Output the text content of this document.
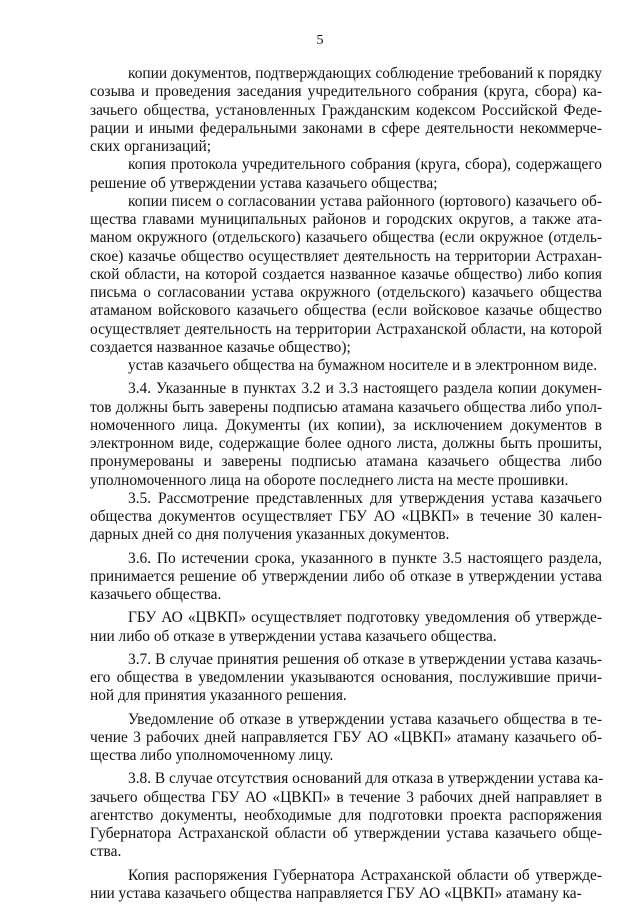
5
копии документов, подтверждающих соблюдение требований к порядку
созыва и проведения заседания учредительного собрания (круга, сбора) ка-
зачьего общества, установленных Гражданским кодексом Российской Феде-
рации и иными федеральными законами в сфере деятельности некоммерче-
ских организаций;
копия протокола учредительного собрания (круга, сбора), содержащего
решение об утверждении устава казачьего общества;
копии писем о согласовании устава районного (юртового) казачьего об-
щества главами муниципальных районов и городских округов, а также ата-
маном окружного (отдельского) казачьего общества (если окружное (отдель-
ское) казачье общество осуществляет деятельность на территории Астрахан-
ской области, на которой создается названное казачье общество) либо копия
письма о согласовании устава окружного (отдельского) казачьего общества
атаманом войскового казачьего общества (если войсковое казачье общество
осуществляет деятельность на территории Астраханской области, на которой
создается названное казачье общество);
устав казачьего общества на бумажном носителе и в электронном виде.
3.4. Указанные в пунктах 3.2 и 3.3 настоящего раздела копии докумен-
тов должны быть заверены подписью атамана казачьего общества либо упол-
номоченного лица. Документы (их копии), за исключением документов в
электронном виде, содержащие более одного листа, должны быть прошиты,
пронумерованы и заверены подписью атамана казачьего общества либо
уполномоченного лица на обороте последнего листа на месте прошивки.
3.5. Рассмотрение представленных для утверждения устава казачьего
общества документов осуществляет ГБУ АО «ЦВКП» в течение 30 кален-
дарных дней со дня получения указанных документов.
3.6. По истечении срока, указанного в пункте 3.5 настоящего раздела,
принимается решение об утверждении либо об отказе в утверждении устава
казачьего общества.
ГБУ АО «ЦВКП» осуществляет подготовку уведомления об утвержде-
нии либо об отказе в утверждении устава казачьего общества.
3.7. В случае принятия решения об отказе в утверждении устава казачь-
его общества в уведомлении указываются основания, послужившие причи-
ной для принятия указанного решения.
Уведомление об отказе в утверждении устава казачьего общества в те-
чение 3 рабочих дней направляется ГБУ АО «ЦВКП» атаману казачьего об-
щества либо уполномоченному лицу.
3.8. В случае отсутствия оснований для отказа в утверждении устава ка-
зачьего общества ГБУ АО «ЦВКП» в течение 3 рабочих дней направляет в
агентство документы, необходимые для подготовки проекта распоряжения
Губернатора Астраханской области об утверждении устава казачьего обще-
ства.
Копия распоряжения Губернатора Астраханской области об утвержде-
нии устава казачьего общества направляется ГБУ АО «ЦВКП» атаману ка-
